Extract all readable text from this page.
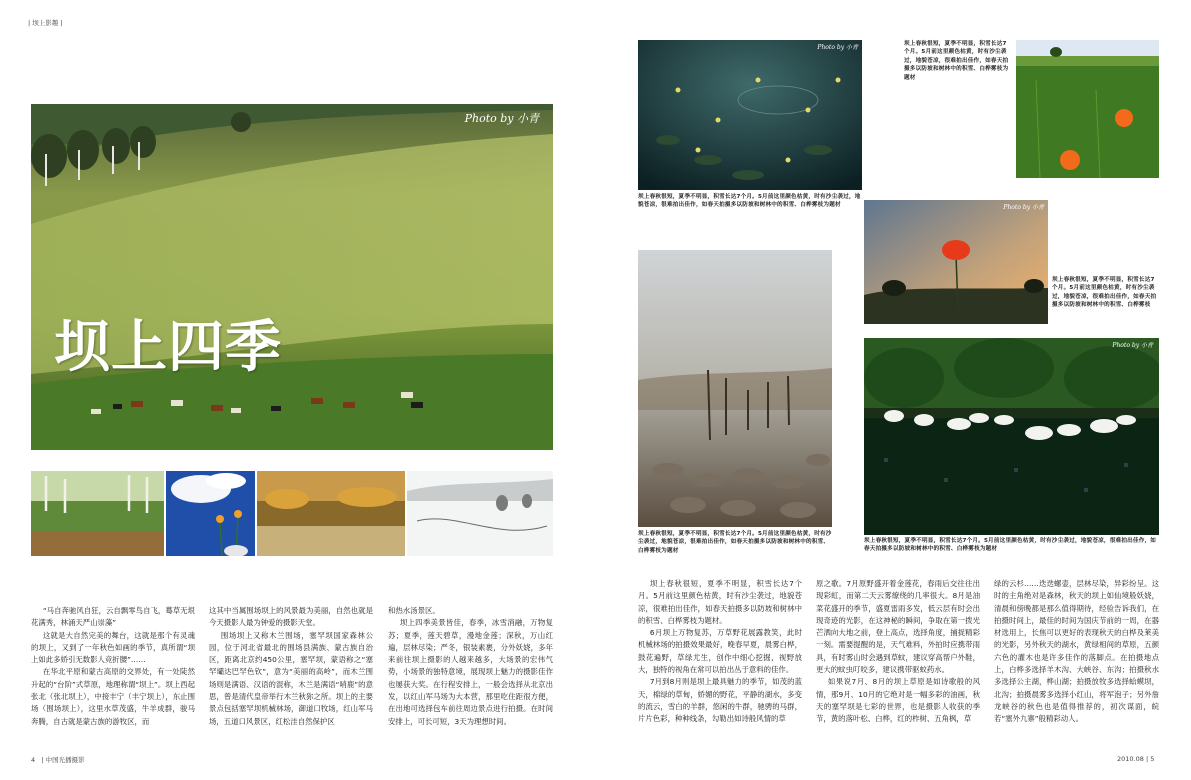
| 坝上影趣 |
Photo by 小青
坝上四季

“马自奔驰风自狂，云自飘零鸟自飞，蓦草无垠花满秀，林涌天严山崇藻”

这就是大自然完美的舞台，这就是那个有灵魂的坝上，又到了一年秋色如画的季节，真所谓“坝上如此多娇引无数影人竞折腰”……

在华北平原和蒙古高原的交界处，有一处陡然升起的“台阶”式草原，地理称谓“坝上”。坝上西起张北（张北坝上），中接丰宁（丰宁坝上），东止围场（围场坝上），这里水草茂盛，牛羊成群，骏马奔腾，自古就是蒙古族的游牧区，而

这其中当属围场坝上的风景最为美丽，自然也就是今天摄影人最为钟爱的摄影天堂。

围场坝上又称木兰围场，塞罕坝国家森林公园，位于河北省最北的围场县满族、蒙古族自治区，距离北京约450公里，塞罕坝，蒙语称之“塞罕壩达巴罕色钦”，意为“美丽的高岭”，而木兰围场则是满语、汉语的混称，木兰是满语“哨鹿”的意思，曾是清代皇帝举行木兰秋狝之所。坝上的主要景点包括塞罕坝机械林场，御道口牧场，红山军马场，五道口风景区，红松洼自然保护区

和热水汤景区。

坝上四季美景皆佳，春季，冰雪消融，万物复苏；夏季，莲天碧草，漫地金莲；深秋，万山红遍，层林尽染；严冬，银装素裹，分外妖娆，多年来前往坝上摄影的人越来越多，大场景的宏伟气势，小场景的独特意境，展现坝上魅力的摄影佳作也屡获大奖。在行程安排上，一般会选择从北京出发，以红山军马场为大本营，那里吃住距很方便，在出地可选择包车前往周边景点进行拍摄。在时间安排上，可长可短，3天为理想时间。

4 | 中国光播摄影
Photo by 小青
坝上春秋很短，夏季不明显，积雪长达7个月。5月前这里颜色枯黄，时有沙尘袭过，地貌苍凉，很难拍出佳作，如春天拍摄多以防坡和树林中的积雪、白桦雾枝为题材
坝上春秋很短，夏季不明显，积雪长达7个月。5月前这里颜色枯黄，时有沙尘袭过，地貌苍凉，很难拍出佳作，如春天拍摄多以防坡和树林中的积雪、白桦雾枝为题材
Photo by 小青
坝上春秋很短，夏季不明显，积雪长达7个月。5月前这里颜色枯黄，时有沙尘袭过，地貌苍凉，很难拍出佳作，如春天拍摄多以防坡和树林中的积雪、白桦雾枝
坝上春秋很短，夏季不明显，积雪长达7个月。5月前这里颜色枯黄，时有沙尘袭过，地貌苍凉，很难拍出佳作，如春天拍摄多以防坡和树林中的积雪、白桦雾枝为题材
Photo by 小青
坝上春秋很短，夏季不明显，积雪长达7个月。5月前这里颜色枯黄，时有沙尘袭过，地貌苍凉，很难拍出佳作，如春天拍摄多以防坡和树林中的积雪、白桦雾枝为题材

坝上春秋很短，夏季不明显，积雪长达7个月。5月前这里颜色枯黄，时有沙尘袭过，地貌苍凉，很难拍出佳作，如春天拍摄多以防坡和树林中的积雪、白桦雾枝为题材。

6月坝上万物复苏，万草野花展露教笑，此时机械林场的拍摄效果最好，晚春早夏，晨雾白桦，鼓花遍野，草绿尤生，创作中细心挖掘，视野放大，独特的视角在常可以拍出丛于意料的佳作。

7月到8月则是坝上最具魅力的季节，如茂的蓝天，棉绿的草甸，娇媚的野花，平静的湖水，多变的流云，雪白的羊群，悠闲的牛群，驰骋的马群，片片色彩，种种线条，勾勒出如诗般风情的草

原之歌。7月原野盛开着金莲花，春雨后交往往出现彩虹，而第二天云雾缭绕的几率很大。8月是油菜花盛开的季节，盛夏雷雨多发，低云层有时会出现奇迹的光影，在这神秘的瞬间，争取在第一拨光芒洒向大地之前，登上高点，选择角度，捕捉精彩一刻。需要提醒的是，天气难料，外拍时应携带雨具，有时雾山时会遇到草蚊，建议穿高帮户外鞋，更大的蚊虫叮咬多，建议携带驱蚊药水。

如果说7月、8月的坝上草原是如诗歌般的风情，那9月、10月的它绝对是一幅多彩的油画，秋天的塞罕坝是七彩的世界，也是摄影人收获的季节，黄的落叶松、白桦，红的柞树、五角枫，草

绿的云杉……迭迭螺壶，层林尽染，异彩纷呈。这时的主角绝对是森林，秋天的坝上如仙境般妖娆，清晨和傍晚都是那么值得期待，经验告诉我们，在拍摄时间上，最佳的时间为国庆节前的一周，在器材选用上，长焦可以更好的表现秋天的白桦及莱美的光影，另外秋天的湖水，黄绿相间的草原，五颜六色的灌木也是许多佳作的落脚点。在拍摄地点上，白桦多选择羊木沟、大峡谷、东沟；拍摄秋水多选择公主湖，桦山湖；拍摄放牧多选择蛤蟆坝，北沟；拍摄晨雾多选择小红山，将军泡子；另外詹龙峡谷的秋色也是值得推荐的，初次谋面，皖若“塞外九寨”般精彩动人。

2010.08 | 5
